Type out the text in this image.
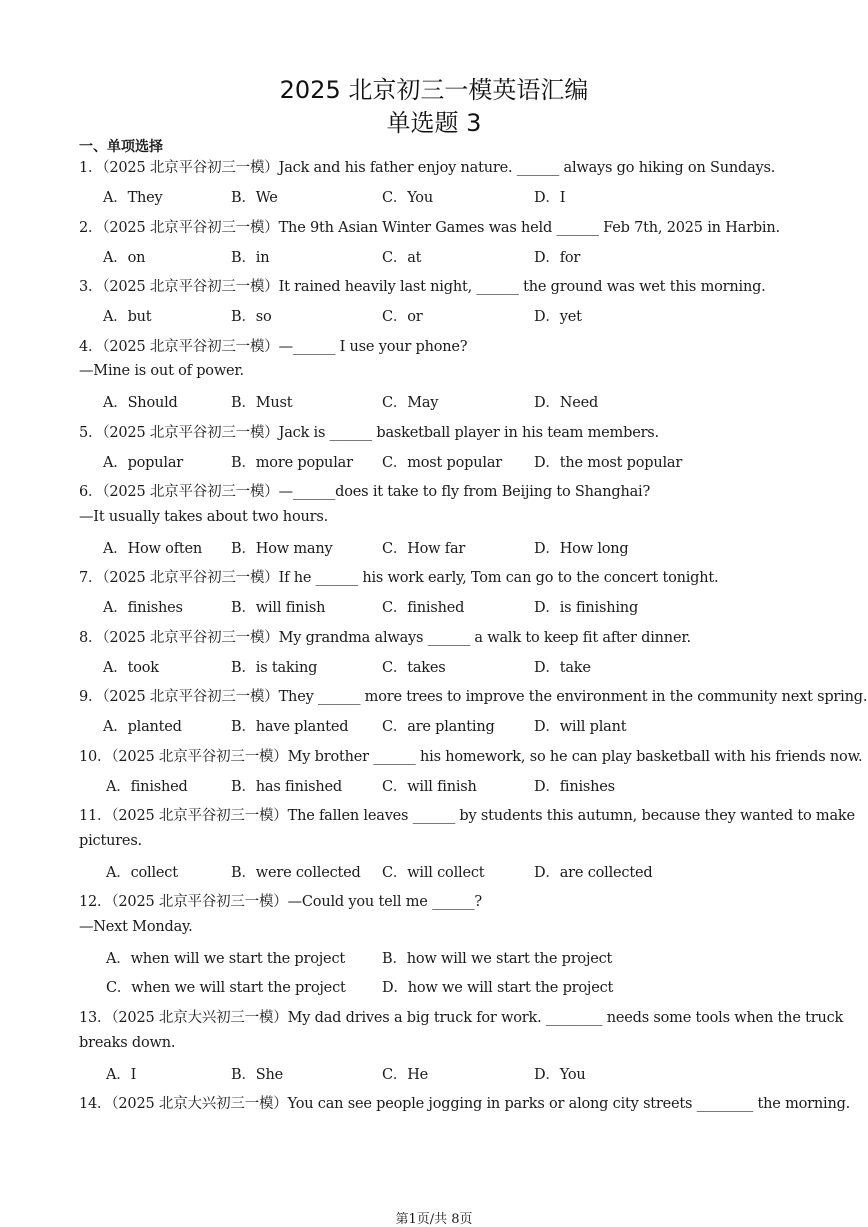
2025 北京初三一模英语汇编
单选题 3
一、单项选择
1．（2025 北京平谷初三一模）Jack and his father enjoy nature. ______ always go hiking on Sundays.
A．They	B．We	C．You	D．I
2．（2025 北京平谷初三一模）The 9th Asian Winter Games was held ______ Feb 7th, 2025 in Harbin.
A．on	B．in	C．at	D．for
3．（2025 北京平谷初三一模）It rained heavily last night, ______ the ground was wet this morning.
A．but	B．so	C．or	D．yet
4．（2025 北京平谷初三一模）—______ I use your phone?
—Mine is out of power.
A．Should	B．Must	C．May	D．Need
5．（2025 北京平谷初三一模）Jack is ______ basketball player in his team members.
A．popular	B．more popular C．most popular D．the most popular
6．（2025 北京平谷初三一模）—______does it take to fly from Beijing to Shanghai?
—It usually takes about two hours.
A．How often B．How many	C．How far	D．How long
7．（2025 北京平谷初三一模）If he ______ his work early, Tom can go to the concert tonight.
A．finishes	B．will finish	C．finished	D．is finishing
8．（2025 北京平谷初三一模）My grandma always ______ a walk to keep fit after dinner.
A．took	B．is taking	C．takes	D．take
9．（2025 北京平谷初三一模）They ______ more trees to improve the environment in the community next spring.
A．planted	B．have planted C．are planting	D．will plant
10．（2025 北京平谷初三一模）My brother ______ his homework, so he can play basketball with his friends now.
A．finished	B．has finished	C．will finish	D．finishes
11．（2025 北京平谷初三一模）The fallen leaves ______ by students this autumn, because they wanted to make
pictures.
A．collect	B．were collected C．will collect	D．are collected
12．（2025 北京平谷初三一模）—Could you tell me ______?
—Next Monday.
A．when will we start the project	B．how will we start the project
C．when we will start the project	D．how we will start the project
13．（2025 北京大兴初三一模）My dad drives a big truck for work. ________ needs some tools when the truck
breaks down.
A．I	B．She	C．He	D．You
14．（2025 北京大兴初三一模）You can see people jogging in parks or along city streets ________ the morning.
第1页/共 8页
